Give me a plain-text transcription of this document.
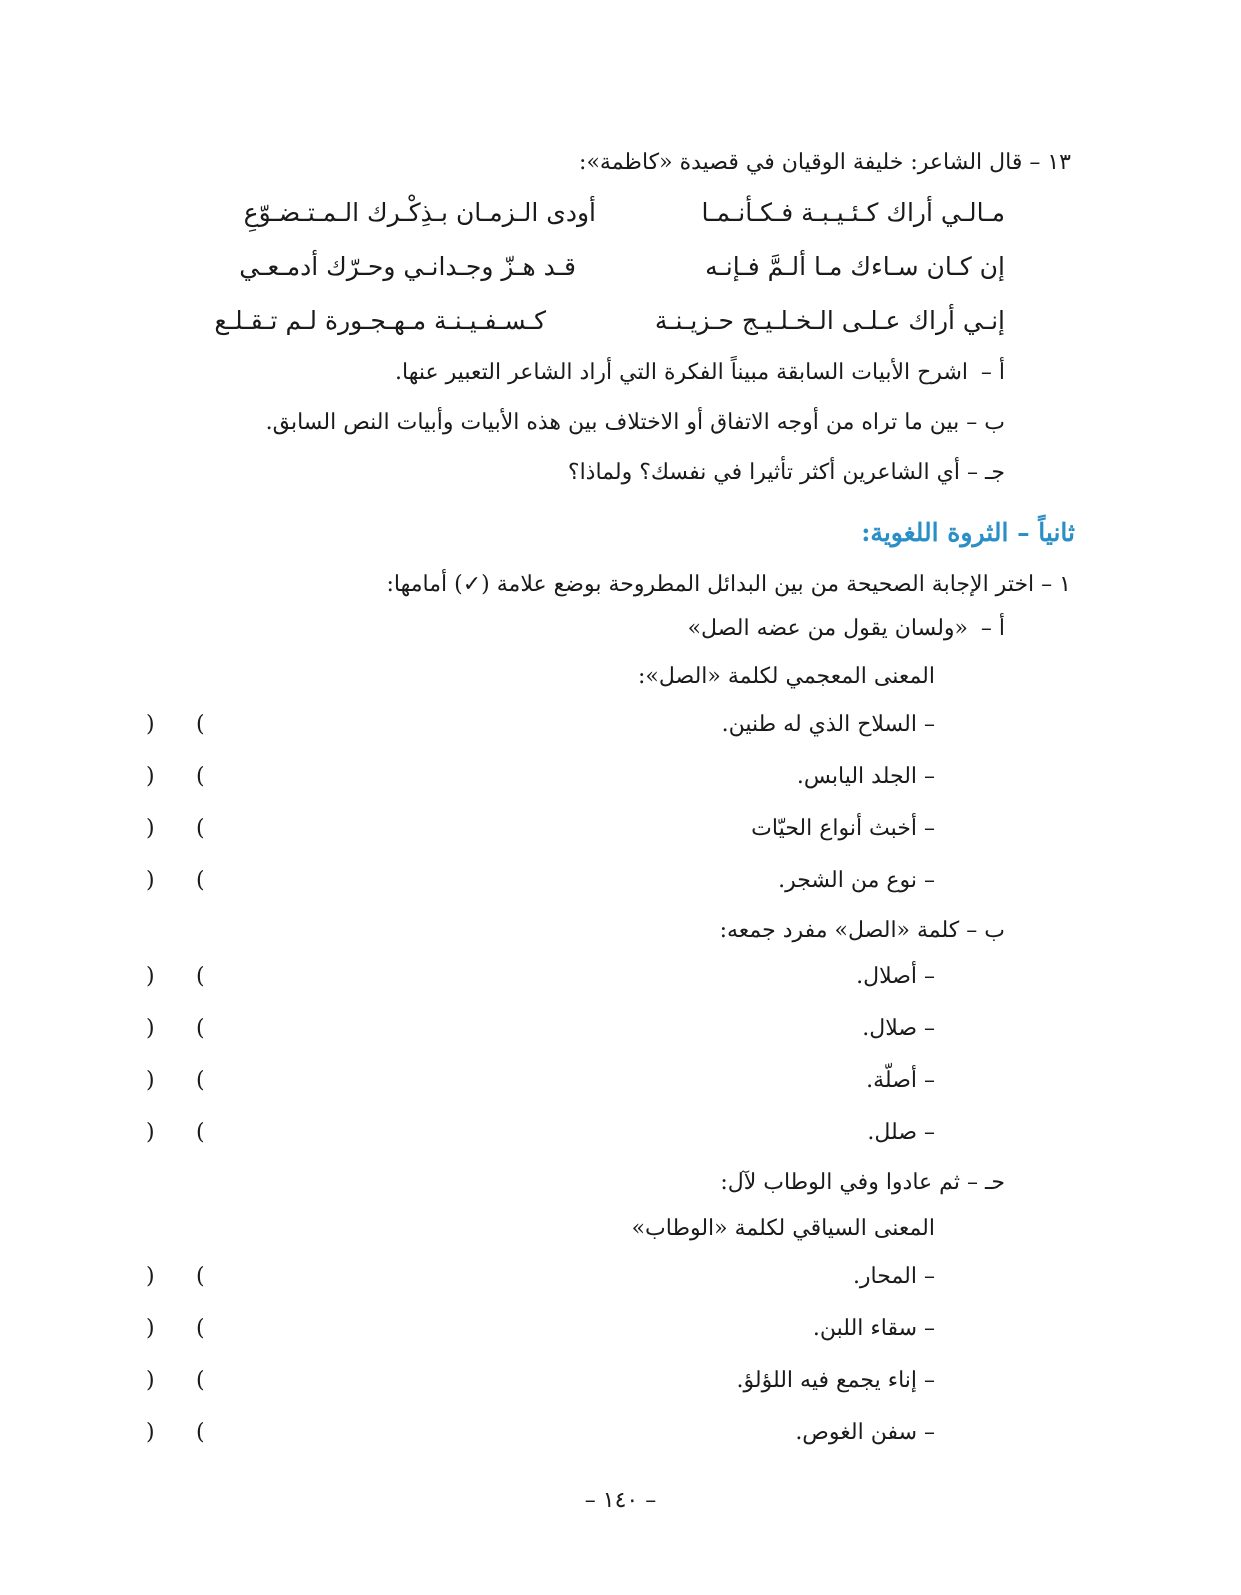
١٣ – قال الشاعر: خليفة الوقيان في قصيدة «كاظمة»:
مـالـي أراك كـئـيـبـة فـكـأنـمـا
أودى الـزمـان بـذِكْـرك الـمـتـضـوّعِ
إن كـان سـاءك مـا ألـمَّ فـإنـه
قـد هـزّ وجـدانـي وحـرّك أدمـعـي
إنـي أراك عـلـى الـخـلـيـج حـزيـنـة
كـسـفـيـنـة مـهـجـورة لـم تـقـلـع
أ – اشرح الأبيات السابقة مبيناً الفكرة التي أراد الشاعر التعبير عنها.
ب – بين ما تراه من أوجه الاتفاق أو الاختلاف بين هذه الأبيات وأبيات النص السابق.
جـ – أي الشاعرين أكثر تأثيرا في نفسك؟ ولماذا؟
ثانياً – الثروة اللغوية:
١ – اختر الإجابة الصحيحة من بين البدائل المطروحة بوضع علامة (✓) أمامها:
أ – «ولسان يقول من عضه الصل»
المعنى المعجمي لكلمة «الصل»:
– السلاح الذي له طنين.
– الجلد اليابس.
– أخبث أنواع الحيّات
– نوع من الشجر.
ب – كلمة «الصل» مفرد جمعه:
– أصلال.
– صلال.
– أصلّة.
– صلل.
حـ – ثم عادوا وفي الوطاب لآل:
المعنى السياقي لكلمة «الوطاب»
– المحار.
– سقاء اللبن.
– إناء يجمع فيه اللؤلؤ.
– سفن الغوص.
(
)
(
)
(
)
(
)
(
)
(
)
(
)
(
)
(
)
(
)
(
)
(
)
– ١٤٠ –
